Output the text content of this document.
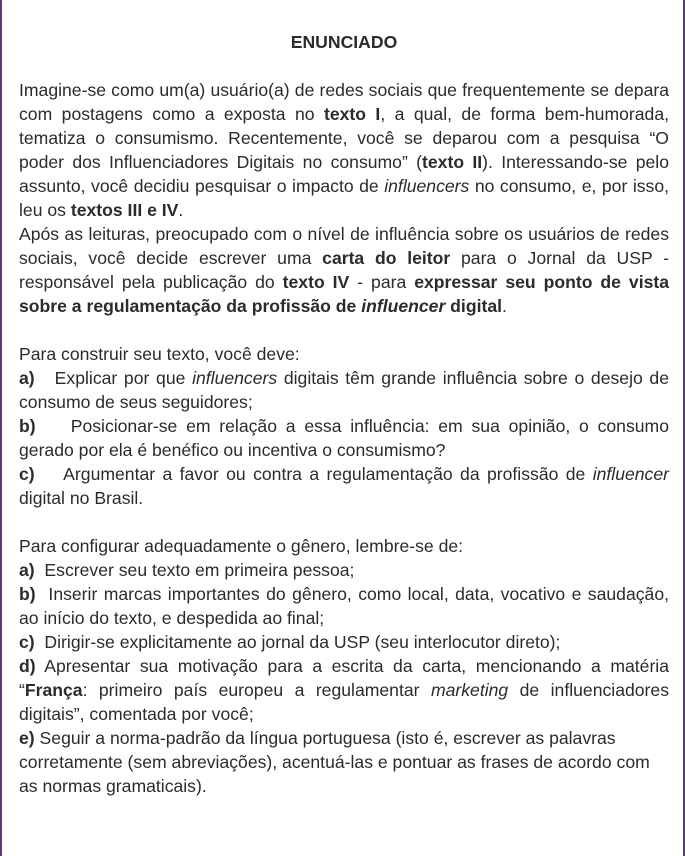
ENUNCIADO

Imagine-se como um(a) usuário(a) de redes sociais que frequentemente se depara com postagens como a exposta no texto I, a qual, de forma bem-humorada, tematiza o consumismo. Recentemente, você se deparou com a pesquisa “O poder dos Influenciadores Digitais no consumo” (texto II). Interessando-se pelo assunto, você decidiu pesquisar o impacto de influencers no consumo, e, por isso, leu os textos III e IV.

Após as leituras, preocupado com o nível de influência sobre os usuários de redes sociais, você decide escrever uma carta do leitor para o Jornal da USP - responsável pela publicação do texto IV - para expressar seu ponto de vista sobre a regulamentação da profissão de influencer digital.

Para construir seu texto, você deve:

a)   Explicar por que influencers digitais têm grande influência sobre o desejo de consumo de seus seguidores;

b)    Posicionar-se em relação a essa influência: em sua opinião, o consumo gerado por ela é benéfico ou incentiva o consumismo?

c)    Argumentar a favor ou contra a regulamentação da profissão de influencer digital no Brasil.

Para configurar adequadamente o gênero, lembre-se de:

a)  Escrever seu texto em primeira pessoa;

b)  Inserir marcas importantes do gênero, como local, data, vocativo e saudação, ao início do texto, e despedida ao final;

c)  Dirigir-se explicitamente ao jornal da USP (seu interlocutor direto);

d) Apresentar sua motivação para a escrita da carta, mencionando a matéria “França: primeiro país europeu a regulamentar marketing de influenciadores digitais”, comentada por você;

e) Seguir a norma-padrão da língua portuguesa (isto é, escrever as palavras corretamente (sem abreviações), acentuá-las e pontuar as frases de acordo com as normas gramaticais).
